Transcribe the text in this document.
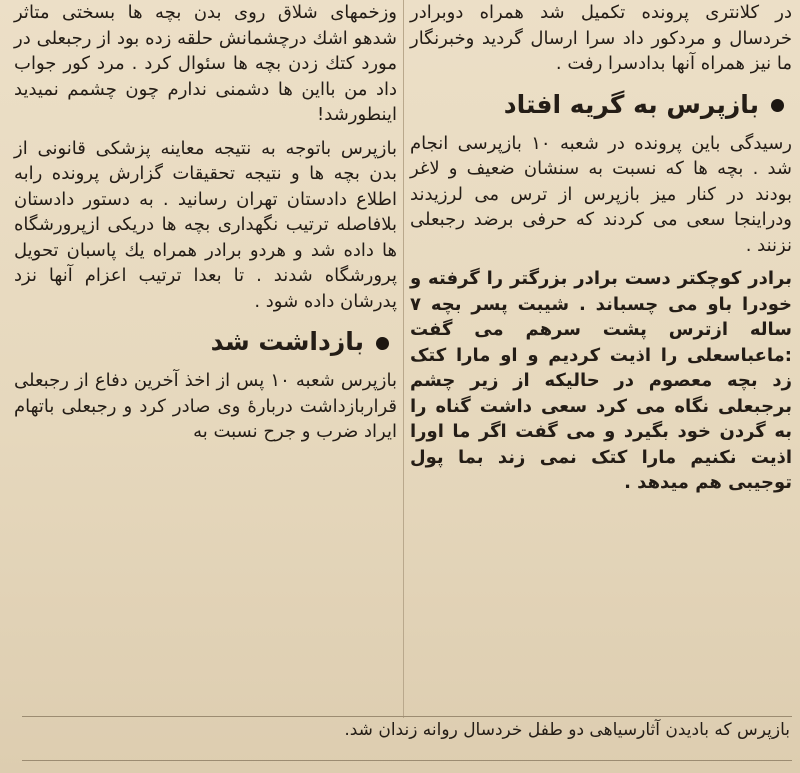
در کلانتری پرونده تکمیل شد همراه دوبرادر خردسال و مردکور داد سرا ارسال گردید وخبرنگار ما نیز همراه آنها بدادسرا رفت .

بازپرس به گریه افتاد

رسیدگی باین پرونده در شعبه ۱۰ بازپرسی انجام شد . بچه ها که نسبت به سنشان ضعیف و لاغر بودند در کنار میز بازپرس از ترس می لرزیدند ودراینجا سعی می کردند که حرفی برضد رجبعلی نزنند .

برادر کوچکتر دست برادر بزرگتر را گرفته و خودرا باو می چسباند . شیبت پسر بچه ۷ ساله ازترس پشت سرهم می گفت :ماعباسعلی را اذیت کردیم و او مارا کتک زد بچه معصوم در حالیکه از زیر چشم برجبعلی نگاه می کرد سعی داشت گناه را به گردن خود بگیرد و می گفت اگر ما اورا اذیت نکنیم مارا کتک نمی زند بما پول توجیبی هم میدهد .

وزخمهای شلاق روی بدن بچه ها بسختی متاثر شدهو اشك درچشمانش حلقه زده بود از رجبعلی در مورد کتك زدن بچه ها سئوال کرد . مرد کور جواب داد من بااین ها دشمنی ندارم چون چشمم نمیدید اینطورشد!

بازپرس باتوجه به نتیجه معاینه پزشکی قانونی از بدن بچه ها و نتیجه تحقیقات گزارش پرونده رابه اطلاع دادستان تهران رسانید . به دستور دادستان بلافاصله ترتیب نگهداری بچه ها دریکی ازپرورشگاه ها داده شد و هردو برادر همراه یك پاسبان تحویل پرورشگاه شدند . تا بعدا ترتیب اعزام آنها نزد پدرشان داده شود .

بازداشت شد

بازپرس شعبه ۱۰ پس از اخذ آخرین دفاع از رجبعلی قراربازداشت دربارۀ وی صادر کرد و رجبعلی باتهام ایراد ضرب و جرح نسبت به

بازپرس که بادیدن آثارسیاهی دو طفل خردسال روانه زندان شد.
